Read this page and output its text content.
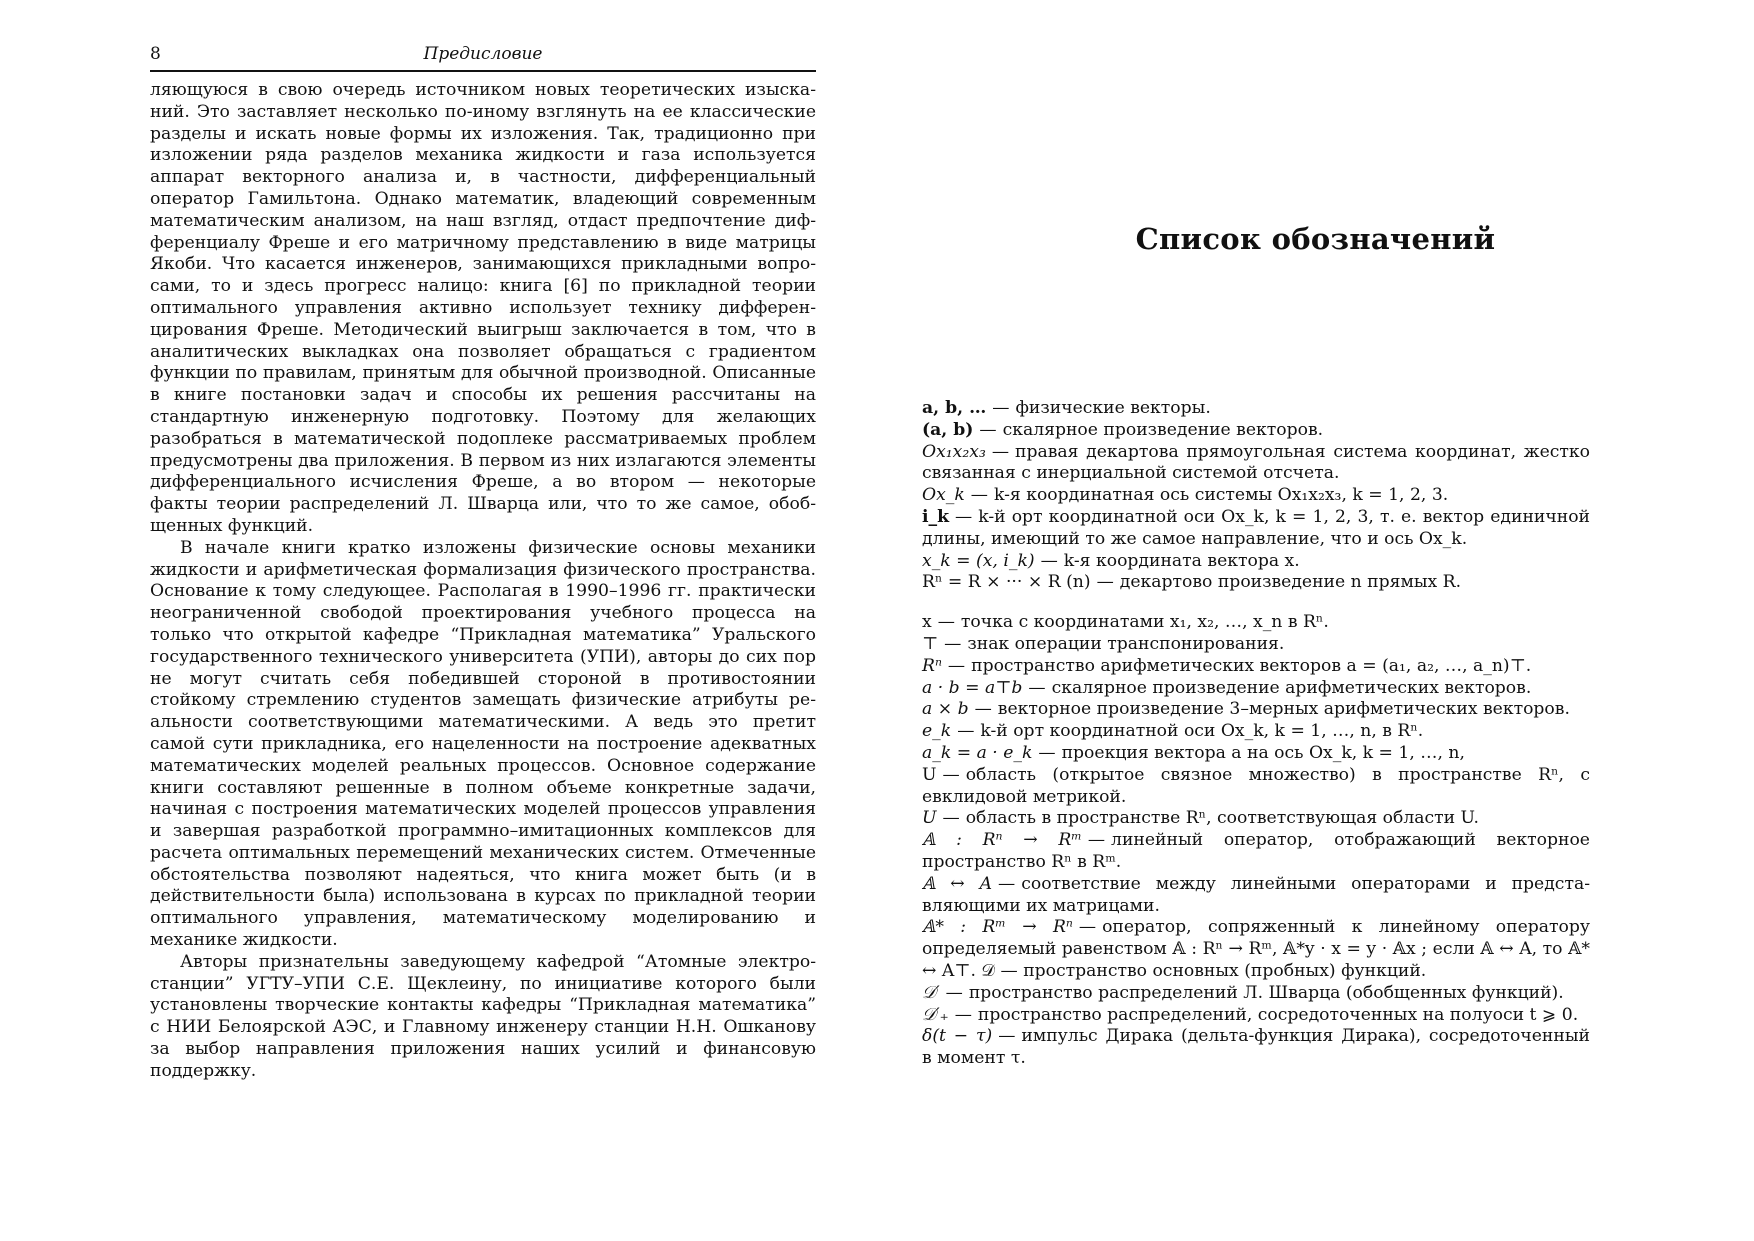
8	Предисловие

ляющуюся в свою очередь источником новых теоретических изысканий. Это заставляет несколько по-иному взглянуть на ее классические разделы и искать новые формы их изложения. Так, традиционно при изложении ряда разделов механика жидкости и газа используется аппарат векторного анализа и, в частности, дифференциальный оператор Гамильтона. Однако математик, владеющий современным математическим анализом, на наш взгляд, отдаст предпочтение дифференциалу Фреше и его матричному представлению в виде матрицы Якоби. Что касается инженеров, занимающихся прикладными вопросами, то и здесь прогресс налицо: книга [6] по прикладной теории оптимального управления активно использует технику дифференцирования Фреше. Методический выигрыш заключается в том, что в аналитических выкладках она позволяет обращаться с градиентом функции по правилам, принятым для обычной производной. Описанные в книге постановки задач и способы их решения рассчитаны на стандартную инженерную подготовку. Поэтому для желающих разобраться в математической подоплеке рассматриваемых проблем предусмотрены два приложения. В первом из них излагаются элементы дифференциального исчисления Фреше, а во втором — некоторые факты теории распределений Л. Шварца или, что то же самое, обобщенных функций.

В начале книги кратко изложены физические основы механики жидкости и арифметическая формализация физического пространства. Основание к тому следующее. Располагая в 1990–1996 гг. практически неограниченной свободой проектирования учебного процесса на только что открытой кафедре “Прикладная математика” Уральского государственного технического университета (УПИ), авторы до сих пор не могут считать себя победившей стороной в противостоянии стойкому стремлению студентов замещать физические атрибуты реальности соответствующими математическими. А ведь это претит самой сути прикладника, его нацеленности на построение адекватных математических моделей реальных процессов. Основное содержание книги составляют решенные в полном объеме конкретные задачи, начиная с построения математических моделей процессов управления и завершая разработкой программно–имитационных комплексов для расчета оптимальных перемещений механических систем. Отмеченные обстоятельства позволяют надеяться, что книга может быть (и в действительности была) использована в курсах по прикладной теории оптимального управления, математическому моделированию и механике жидкости.

Авторы признательны заведующему кафедрой “Атомные электростанции” УГТУ–УПИ С.Е. Щеклеину, по инициативе которого были установлены творческие контакты кафедры “Прикладная математика” с НИИ Белоярской АЭС, и Главному инженеру станции Н.Н. Ошканову за выбор направления приложения наших усилий и финансовую поддержку.

Список обозначений

a, b, … — физические векторы.

(a, b) — скалярное произведение векторов.

Ox₁x₂x₃ — правая декартова прямоугольная система координат, жестко связанная с инерциальной системой отсчета.

Ox_k — k-я координатная ось системы Ox₁x₂x₃, k = 1, 2, 3.

i_k — k-й орт координатной оси Ox_k, k = 1, 2, 3, т. е. вектор единичной длины, имеющий то же самое направление, что и ось Ox_k.

x_k = (x, i_k) — k-я координата вектора x.

Rⁿ = R × ··· × R (n) — декартово произведение n прямых R.

x — точка с координатами x₁, x₂, …, x_n в Rⁿ.

⊤ — знак операции транспонирования.

Rⁿ — пространство арифметических векторов a = (a₁, a₂, …, a_n)⊤.

a · b = a⊤b — скалярное произведение арифметических векторов.

a × b — векторное произведение 3–мерных арифметических векторов.

e_k — k-й орт координатной оси Ox_k, k = 1, …, n, в Rⁿ.

a_k = a · e_k — проекция вектора a на ось Ox_k, k = 1, …, n,

U — область (открытое связное множество) в пространстве Rⁿ, с евклидовой метрикой.

U — область в пространстве Rⁿ, соответствующая области U.

𝔸 : Rⁿ → Rᵐ — линейный оператор, отображающий векторное пространство Rⁿ в Rᵐ.

𝔸 ↔ A — соответствие между линейными операторами и представляющими их матрицами.

𝔸* : Rᵐ → Rⁿ — оператор, сопряженный к линейному оператору определяемый равенством 𝔸 : Rⁿ → Rᵐ, 𝔸*y · x = y · 𝔸x ; если 𝔸 ↔ A, то 𝔸* ↔ A⊤. 𝒟 — пространство основных (пробных) функций.

𝒟′ — пространство распределений Л. Шварца (обобщенных функций).

𝒟′₊ — пространство распределений, сосредоточенных на полуоси t ⩾ 0.

δ(t − τ) — импульс Дирака (дельта-функция Дирака), сосредоточенный в момент τ.
